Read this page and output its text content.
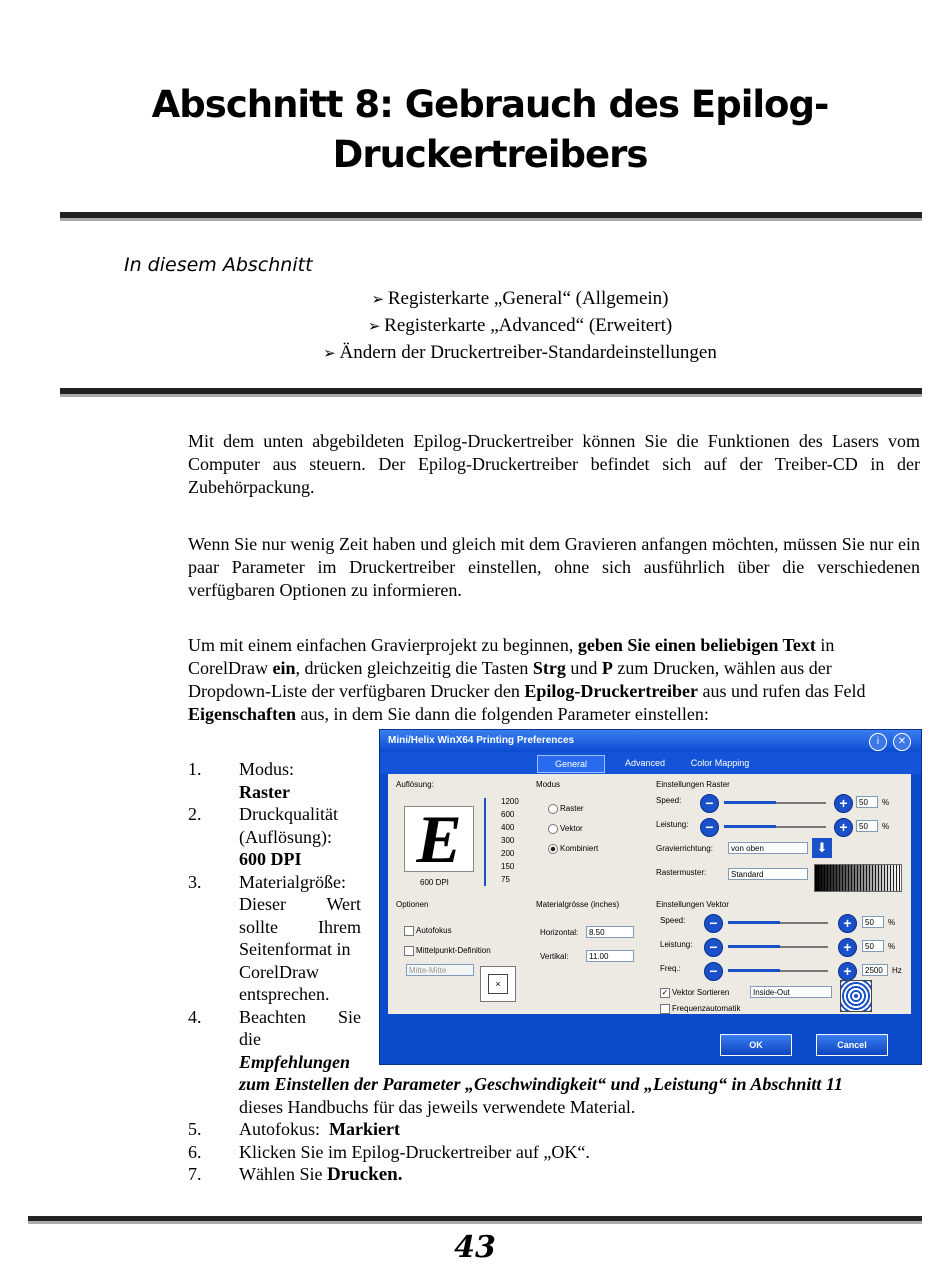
Abschnitt 8: Gebrauch des Epilog-
Druckertreibers
In diesem Abschnitt
➢ Registerkarte „General“ (Allgemein)
➢ Registerkarte „Advanced“ (Erweitert)
➢ Ändern der Druckertreiber-Standardeinstellungen
Mit dem unten abgebildeten Epilog-Druckertreiber können Sie die Funktionen des Lasers vom Computer aus steuern. Der Epilog-Druckertreiber befindet sich auf der Treiber-CD in der Zubehörpackung.
Wenn Sie nur wenig Zeit haben und gleich mit dem Gravieren anfangen möchten, müssen Sie nur ein paar Parameter im Druckertreiber einstellen, ohne sich ausführlich über die verschiedenen verfügbaren Optionen zu informieren.
Um mit einem einfachen Gravierprojekt zu beginnen, geben Sie einen beliebigen Text in CorelDraw ein, drücken gleichzeitig die Tasten Strg und P zum Drucken, wählen aus der Dropdown-Liste der verfügbaren Drucker den Epilog-Druckertreiber aus und rufen das Feld Eigenschaften aus, in dem Sie dann die folgenden Parameter einstellen:
1. Modus:
Raster
2. Druckqualität
(Auflösung):
600 DPI
3. Materialgröße:
Dieser Wert
sollte Ihrem
Seitenformat in
CorelDraw
entsprechen.
4. Beachten Sie
die
Empfehlungen
zum Einstellen der Parameter „Geschwindigkeit“ und „Leistung“ in Abschnitt 11
dieses Handbuchs für das jeweils verwendete Material.
5. Autofokus: Markiert
6. Klicken Sie im Epilog-Druckertreiber auf „OK“.
7. Wählen Sie Drucken.
Mini/Helix WinX64 Printing Preferences	i	✕
General	Advanced	Color Mapping
Auflösung:
E
600 DPI
1200
600
400
300
200
150
75
Modus
Raster
Vektor
Kombiniert
Einstellungen Raster
Speed:	−	+	50	%
Leistung:	−	+	50	%
Gravierrichtung:	von oben	⬇
Rastermuster:	Standard
Optionen
Autofokus
Mittelpunkt-Definition
Mitte-Mitte
×
Materialgrösse (inches)
Horizontal:	8.50
Vertikal:	11.00
Einstellungen Vektor
Speed:	−	+	50	%
Leistung:	−	+	50	%
Freq.:	−	+	2500	Hz
✓ Vektor Sortieren	Inside-Out
Frequenzautomatik
OK	Cancel
43
